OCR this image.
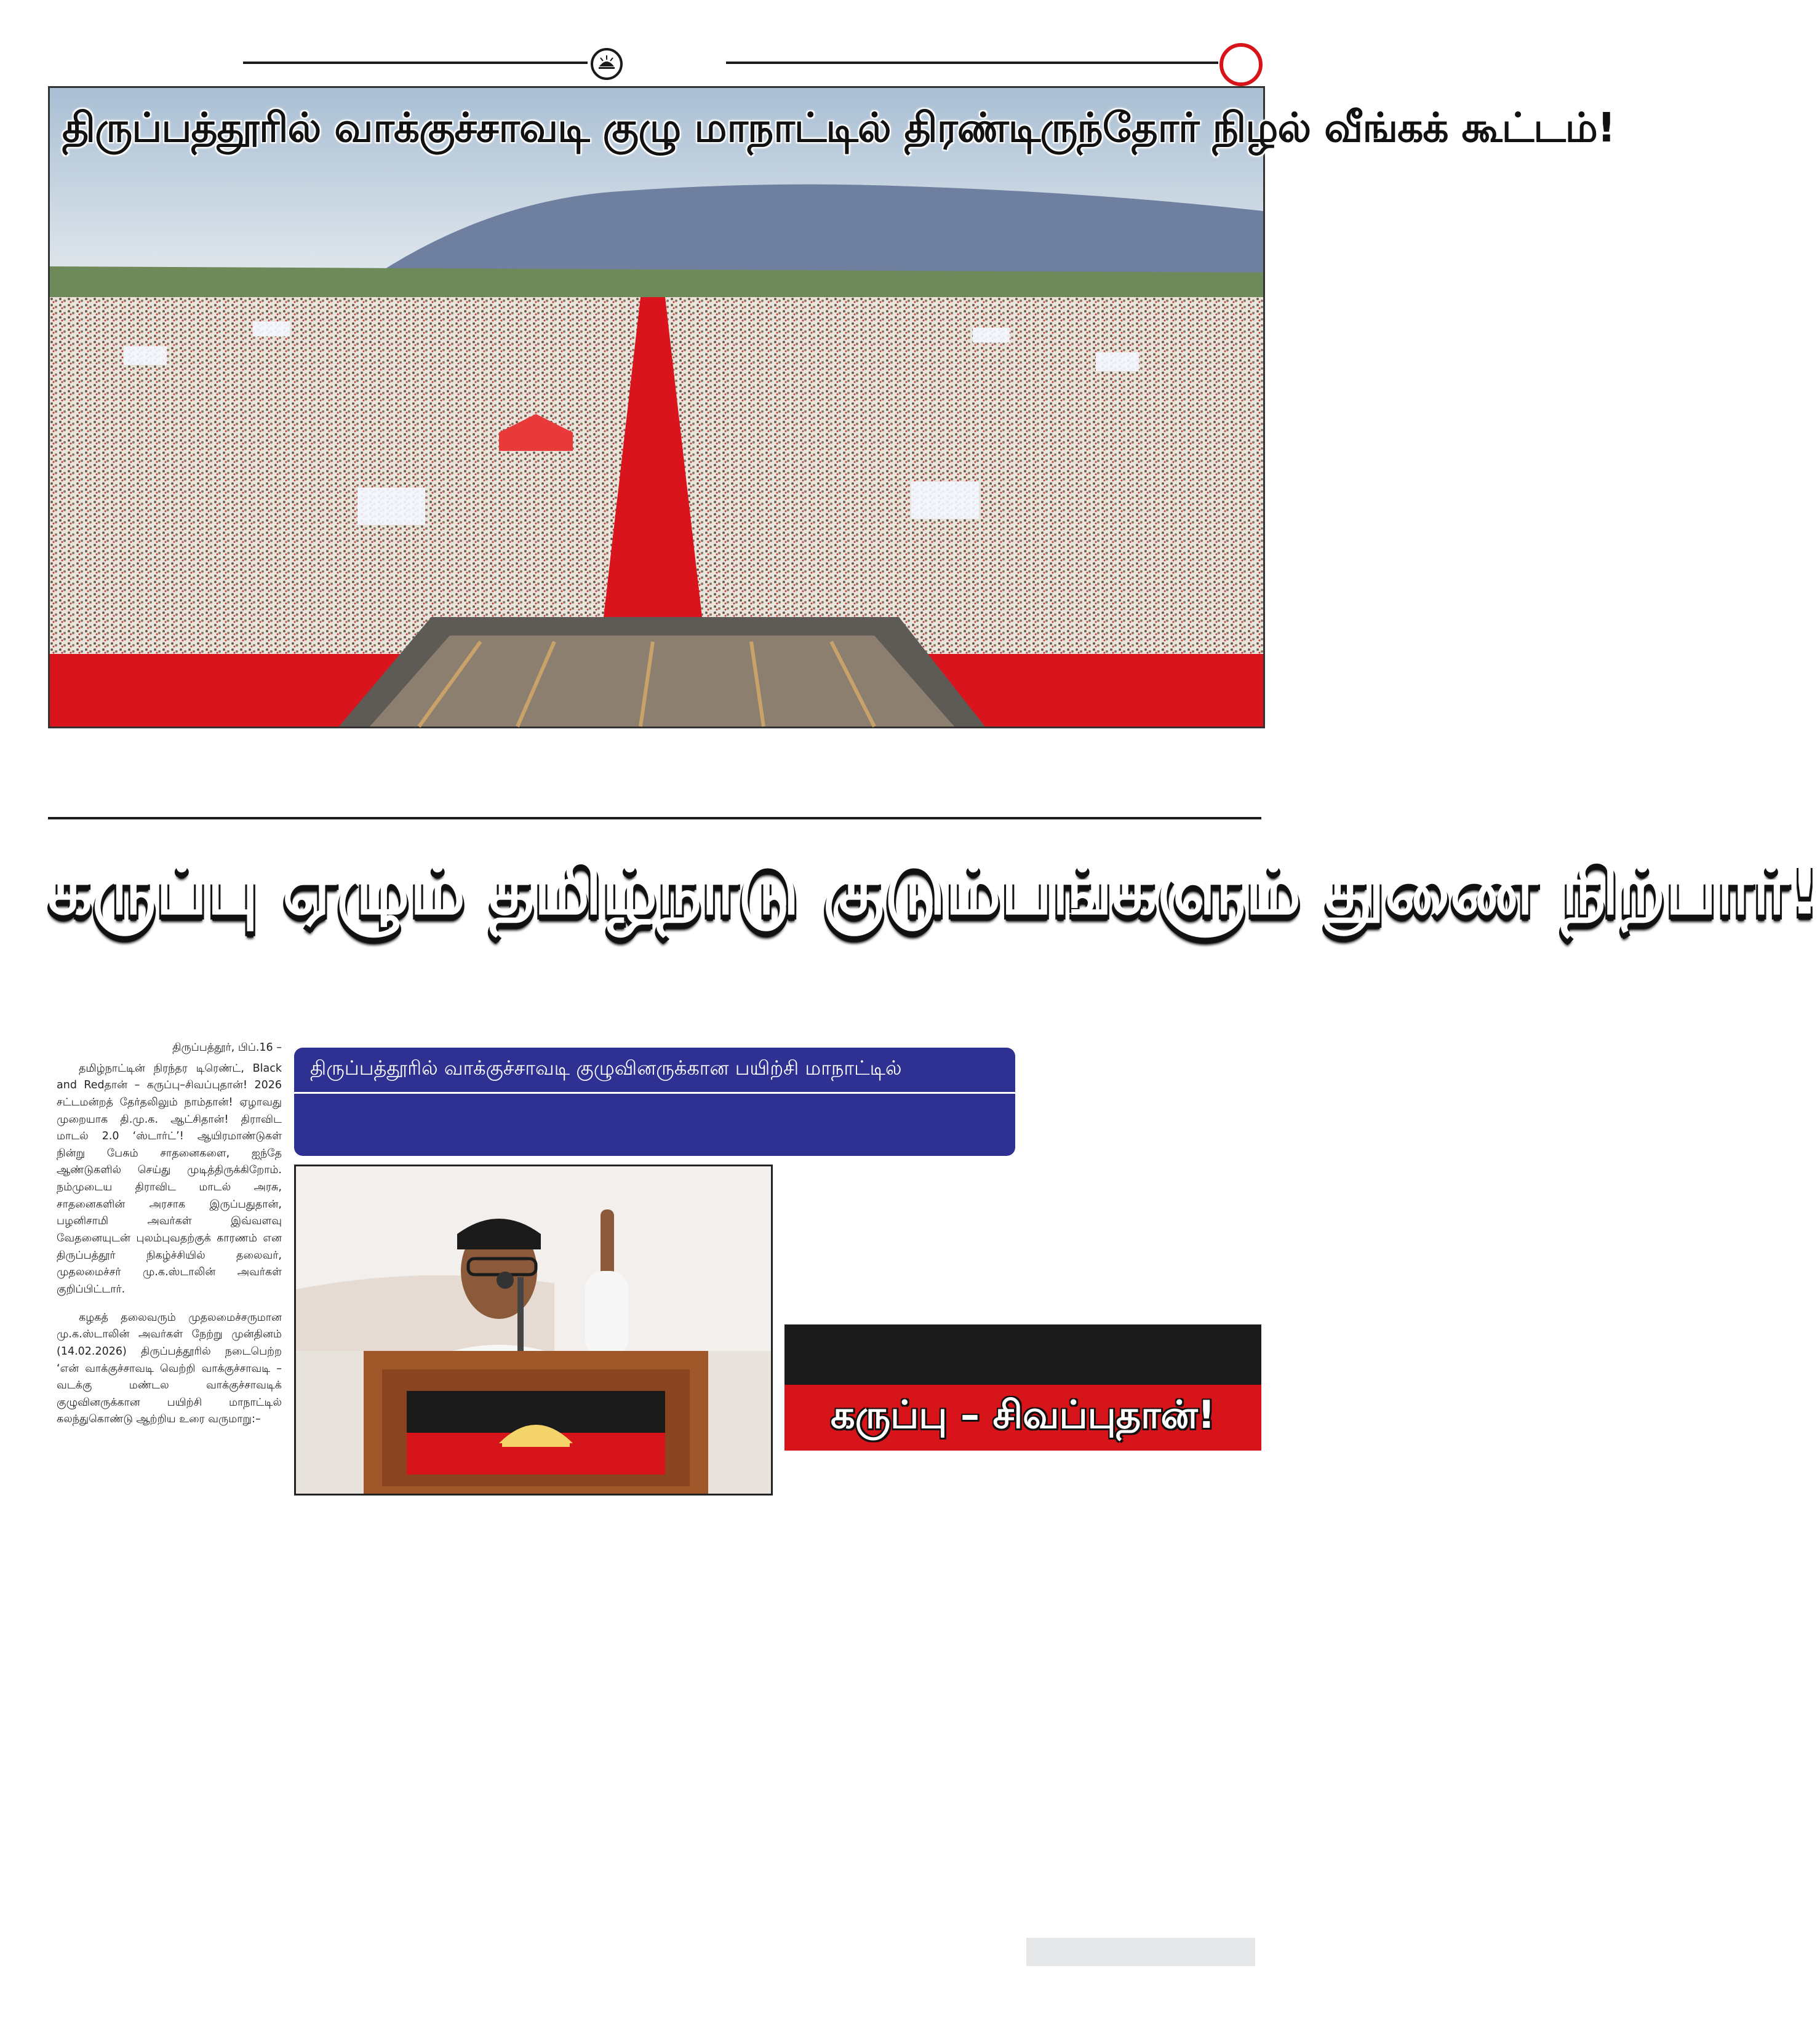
திருப்பத்தூரில் வாக்குச்சாவடி குழு மாநாட்டில் திரண்டிருந்தோர் நிழல் வீங்கக் கூட்டம்!
கருப்பு ஏழும் தமிழ்நாடு குடும்பங்களும் துணை நிற்பார்!
திருப்பத்தூர், பிப்.16 –

தமிழ்நாட்டின் நிரந்தர டிரெண்ட், Black and Redதான் – கருப்பு–சிவப்புதான்! 2026 சட்டமன்றத் தேர்தலிலும் நாம்தான்! ஏழாவது முறையாக தி.மு.க. ஆட்சிதான்! திராவிட மாடல் 2.0 ‘ஸ்டார்ட்’! ஆயிரமாண்டுகள் நின்று பேசும் சாதனைகளை, ஐந்தே ஆண்டுகளில் செய்து முடித்திருக்கிறோம். நம்முடைய திராவிட மாடல் அரசு, சாதனைகளின் அரசாக இருப்பதுதான், பழனிசாமி அவர்கள் இவ்வளவு வேதனையுடன் புலம்புவதற்குக் காரணம் என திருப்பத்தூர் நிகழ்ச்சியில் தலைவர், முதலமைச்சர் மு.க.ஸ்டாலின் அவர்கள் குறிப்பிட்டார்.

கழகத் தலைவரும் முதலமைச்சருமான மு.க.ஸ்டாலின் அவர்கள் நேற்று முன்தினம் (14.02.2026) திருப்பத்தூரில் நடைபெற்ற ‘என் வாக்குச்சாவடி வெற்றி வாக்குச்சாவடி – வடக்கு மண்டல வாக்குச்சாவடிக் குழுவினருக்கான பயிற்சி மாநாட்டில் கலந்துகொண்டு ஆற்றிய உரை வருமாறு:–

திருப்பத்தூரில் வாக்குச்சாவடி குழுவினருக்கான பயிற்சி மாநாட்டில்
கருப்பு – சிவப்புதான்!
